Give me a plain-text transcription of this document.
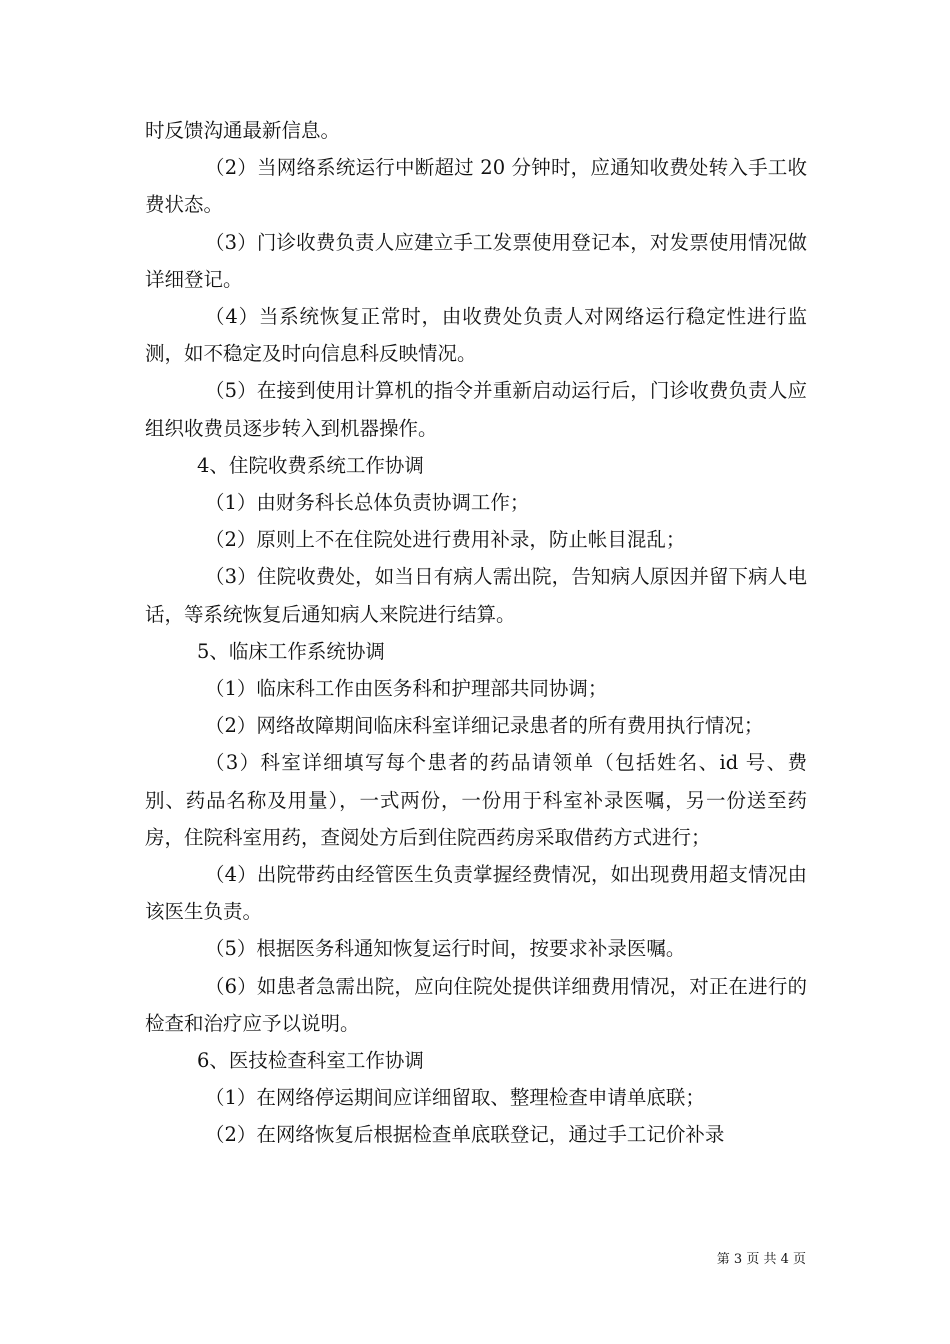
时反馈沟通最新信息。

（2）当网络系统运行中断超过 20 分钟时，应通知收费处转入手工收费状态。

（3）门诊收费负责人应建立手工发票使用登记本，对发票使用情况做详细登记。

（4）当系统恢复正常时，由收费处负责人对网络运行稳定性进行监测，如不稳定及时向信息科反映情况。

（5）在接到使用计算机的指令并重新启动运行后，门诊收费负责人应组织收费员逐步转入到机器操作。

4、住院收费系统工作协调

（1）由财务科长总体负责协调工作；

（2）原则上不在住院处进行费用补录，防止帐目混乱；

（3）住院收费处，如当日有病人需出院，告知病人原因并留下病人电话，等系统恢复后通知病人来院进行结算。

5、临床工作系统协调

（1）临床科工作由医务科和护理部共同协调；

（2）网络故障期间临床科室详细记录患者的所有费用执行情况；

（3）科室详细填写每个患者的药品请领单（包括姓名、id 号、费别、药品名称及用量），一式两份，一份用于科室补录医嘱，另一份送至药房，住院科室用药，查阅处方后到住院西药房采取借药方式进行；

（4）出院带药由经管医生负责掌握经费情况，如出现费用超支情况由该医生负责。

（5）根据医务科通知恢复运行时间，按要求补录医嘱。

（6）如患者急需出院，应向住院处提供详细费用情况，对正在进行的检查和治疗应予以说明。

6、医技检查科室工作协调

（1）在网络停运期间应详细留取、整理检查申请单底联；

（2）在网络恢复后根据检查单底联登记，通过手工记价补录

第 3 页 共 4 页
